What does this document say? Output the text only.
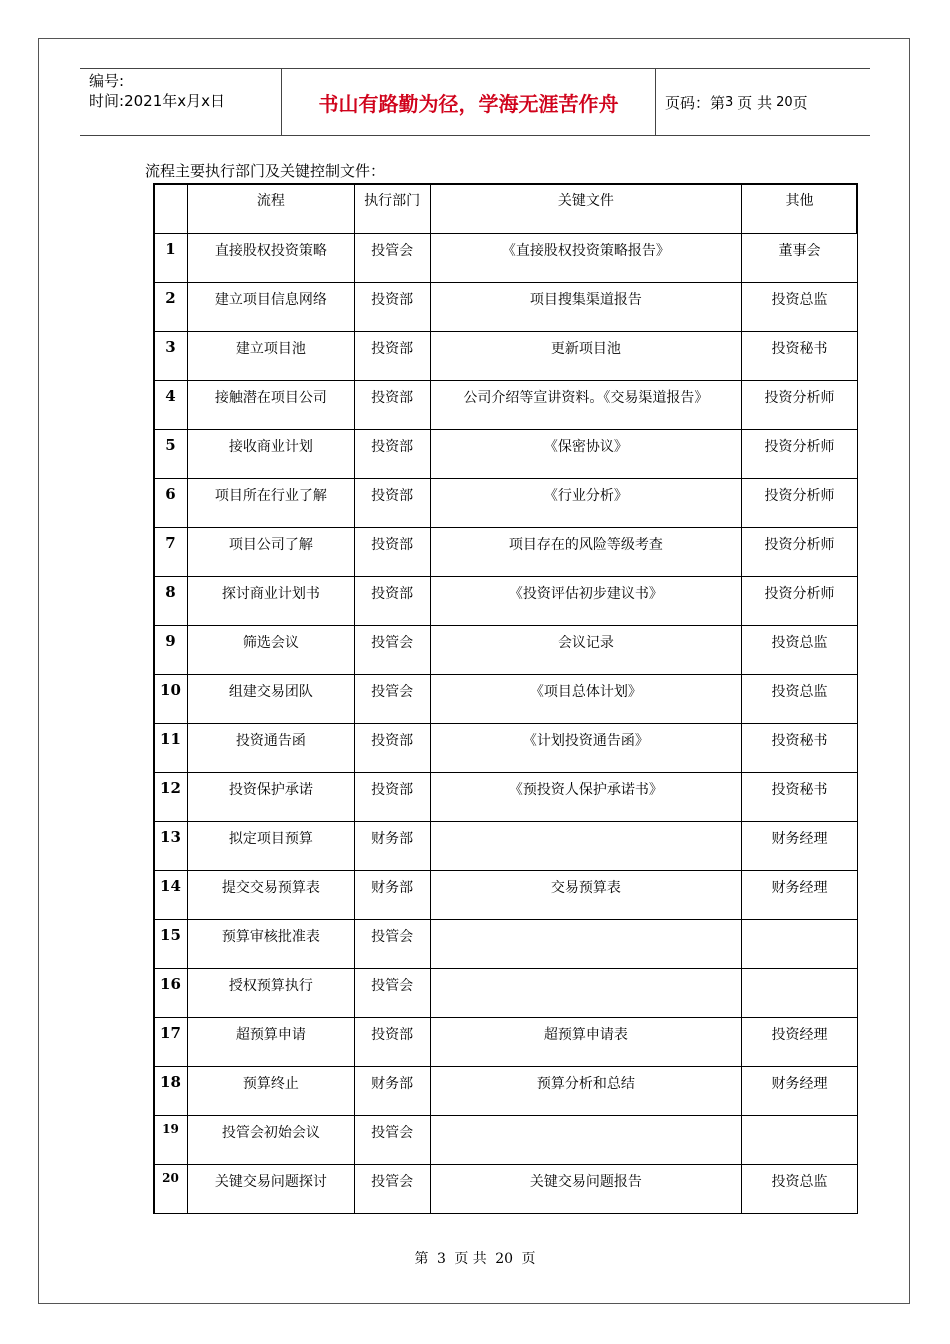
编号:
时间:2021年x月x日	书山有路勤为径，学海无涯苦作舟	页码：第 3 页 共 20 页
流程主要执行部门及关键控制文件：
	流程	执行部门	关键文件	其他
1	直接股权投资策略	投管会	《直接股权投资策略报告》	董事会
2	建立项目信息网络	投资部	项目搜集渠道报告	投资总监
3	建立项目池	投资部	更新项目池	投资秘书
4	接触潜在项目公司	投资部	公司介绍等宣讲资料。《交易渠道报告》	投资分析师
5	接收商业计划	投资部	《保密协议》	投资分析师
6	项目所在行业了解	投资部	《行业分析》	投资分析师
7	项目公司了解	投资部	项目存在的风险等级考查	投资分析师
8	探讨商业计划书	投资部	《投资评估初步建议书》	投资分析师
9	筛选会议	投管会	会议记录	投资总监
10	组建交易团队	投管会	《项目总体计划》	投资总监
11	投资通告函	投资部	《计划投资通告函》	投资秘书
12	投资保护承诺	投资部	《预投资人保护承诺书》	投资秘书
13	拟定项目预算	财务部		财务经理
14	提交交易预算表	财务部	交易预算表	财务经理
15	预算审核批准表	投管会		
16	授权预算执行	投管会		
17	超预算申请	投资部	超预算申请表	投资经理
18	预算终止	财务部	预算分析和总结	财务经理
19	投管会初始会议	投管会		
20	关键交易问题探讨	投管会	关键交易问题报告	投资总监
第 3 页 共 20 页
